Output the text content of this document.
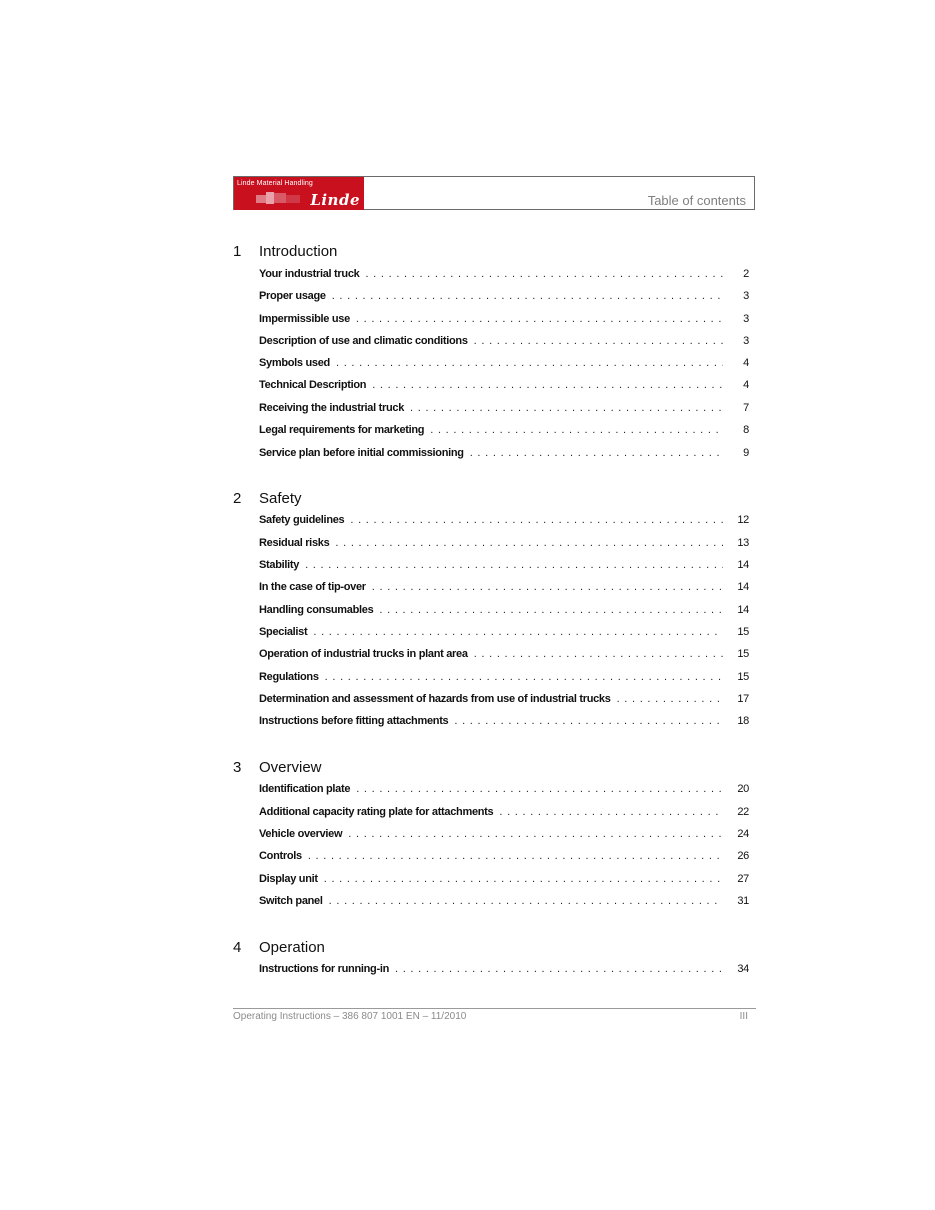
Linde Material Handling
Linde	Table of contents
1 Introduction
Your industrial truck . . .	2
Proper usage . . .	3
Impermissible use . . .	3
Description of use and climatic conditions . . .	3
Symbols used . . .	4
Technical Description . . .	4
Receiving the industrial truck . . .	7
Legal requirements for marketing . . .	8
Service plan before initial commissioning . . .	9
2 Safety
Safety guidelines . . .	12
Residual risks . . .	13
Stability . . .	14
In the case of tip-over . . .	14
Handling consumables . . .	14
Specialist . . .	15
Operation of industrial trucks in plant area . . .	15
Regulations . . .	15
Determination and assessment of hazards from use of industrial trucks . . .	17
Instructions before fitting attachments . . .	18
3 Overview
Identification plate . . .	20
Additional capacity rating plate for attachments . . .	22
Vehicle overview . . .	24
Controls . . .	26
Display unit . . .	27
Switch panel . . .	31
4 Operation
Instructions for running-in . . .	34
Operating Instructions – 386 807 1001 EN – 11/2010	III
